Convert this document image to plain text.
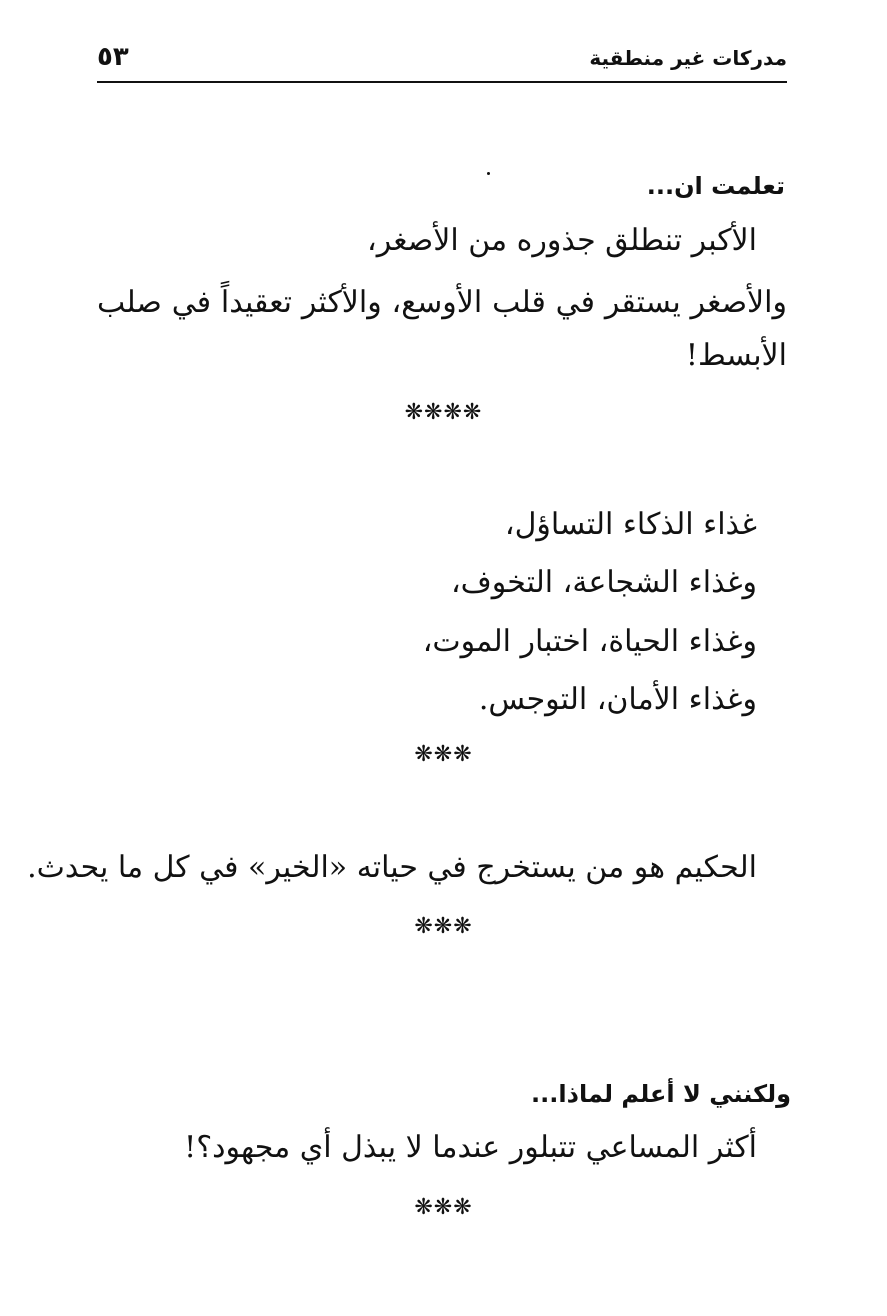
مدركات غير منطقية
٥٣
تعلمت ان...
الأكبر تنطلق جذوره من الأصغر،
والأصغر يستقر في قلب الأوسع، والأكثر تعقيداً في صلب
الأبسط!
❋❋❋❋
غذاء الذكاء التساؤل،
وغذاء الشجاعة، التخوف،
وغذاء الحياة، اختبار الموت،
وغذاء الأمان، التوجس.
❋❋❋
الحكيم هو من يستخرج في حياته «الخير» في كل ما يحدث.
❋❋❋
ولكنني لا أعلم لماذا...
أكثر المساعي تتبلور عندما لا يبذل أي مجهود؟!
❋❋❋
